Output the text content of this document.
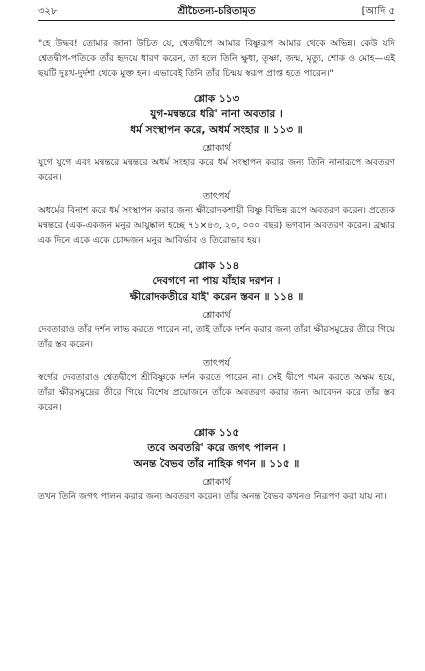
৩২৮	শ্রীচৈতন্য-চরিতামৃত	[আদি ৫

"হে উদ্ধব! তোমার জানা উচিত যে, শ্বেতদ্বীপে আমার বিষ্ণুরূপ আমার থেকে অভিন্ন। কেউ যদি শ্বেতদ্বীপ-পতিকে তাঁর হৃদয়ে ধারণ করেন, তা হলে তিনি ক্ষুধা, তৃষ্ণা, জন্ম, মৃত্যু, শোক ও মোহ—এই ছয়টি দুঃখ-দুর্দশা থেকে মুক্ত হন। এভাবেই তিনি তাঁর চিন্ময় স্বরূপ প্রাপ্ত হতে পারেন।"

শ্লোক ১১৩

যুগ-মন্বন্তরে ধরি' নানা অবতার ।

ধর্ম সংস্থাপন করে, অধর্ম সংহার ॥ ১১৩ ॥

শ্লোকার্থ

যুগে যুগে এবং মন্বন্তরে মন্বন্তরে অধর্ম সংহার করে ধর্ম সংস্থাপন করার জন্য তিনি নানারূপে অবতরণ করেন।

তাৎপর্য

অধর্মের বিনাশ করে ধর্ম সংস্থাপন করার জন্য ক্ষীরোদকশায়ী বিষ্ণু বিভিন্ন রূপে অবতরণ করেন। প্রত্যেক মন্বন্তরে (এক-একজন মনুর আয়ুষ্কাল হচ্ছে ৭১×৪৩, ২০, ০০০ বছর) ভগবান অবতরণ করেন। ব্রহ্মার এক দিনে একে একে চোদ্দজন মনুর আবির্ভাব ও তিরোভাব হয়।

শ্লোক ১১৪

দেবগণে না পায় যাঁহার দরশন ।

ক্ষীরোদকতীরে যাই' করেন স্তবন ॥ ১১৪ ॥

শ্লোকার্থ

দেবতারাও তাঁর দর্শন লাভ করতে পারেন না, তাই তাঁকে দর্শন করার জন্য তাঁরা ক্ষীরসমুদ্রের তীরে গিয়ে তাঁর স্তব করেন।

তাৎপর্য

স্বর্গের দেবতারাও শ্বেতদ্বীপে শ্রীবিষ্ণুকে দর্শন করতে পারেন না। সেই দ্বীপে গমন করতে অক্ষম হয়ে, তাঁরা ক্ষীরসমুদ্রের তীরে গিয়ে বিশেষ প্রয়োজনে তাঁকে অবতরণ করার জন্য আবেদন করে তাঁর স্তব করেন।

শ্লোক ১১৫

তবে অবতরি' করে জগৎ পালন ।

অনন্ত বৈভব তাঁর নাহিক গণন ॥ ১১৫ ॥

শ্লোকার্থ

তখন তিনি জগৎ পালন করার জন্য অবতরণ করেন। তাঁর অনন্ত বৈভব কখনও নিরূপণ করা যায় না।
